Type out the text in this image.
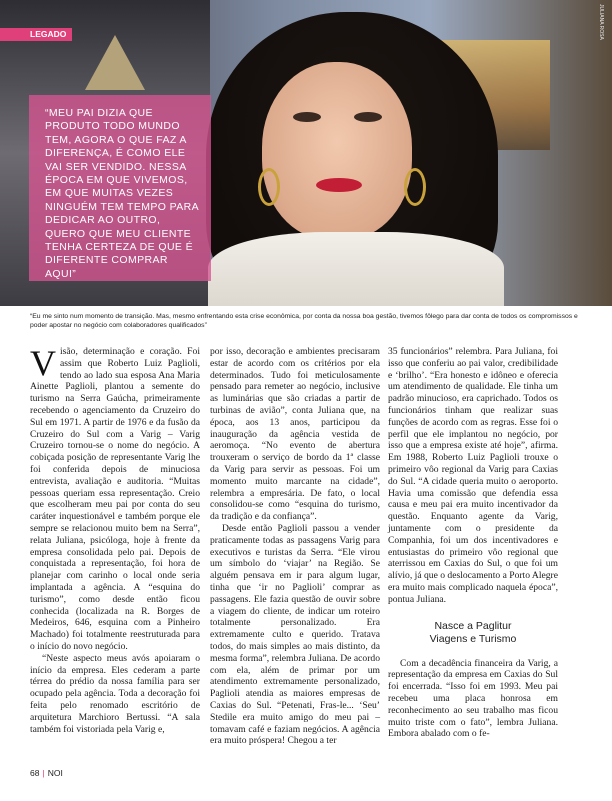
JULIANA ROSA
LEGADO
“MEU PAI DIZIA QUE PRODUTO TODO MUNDO TEM, AGORA O QUE FAZ A DIFERENÇA, É COMO ELE VAI SER VENDIDO. NESSA ÉPOCA EM QUE VIVEMOS, EM QUE MUITAS VEZES NINGUÉM TEM TEMPO PARA DEDICAR AO OUTRO, QUERO QUE MEU CLIENTE TENHA CERTEZA DE QUE É DIFERENTE COMPRAR AQUI”
“Eu me sinto num momento de transição. Mas, mesmo enfrentando esta crise econômica, por conta da nossa boa gestão, tivemos fôlego para dar conta de todos os compromissos e poder apostar no negócio com colaboradores qualificados”

Visão, determinação e coração. Foi assim que Roberto Luiz Paglioli, tendo ao lado sua esposa Ana Maria Ainette Paglioli, plantou a semente do turismo na Serra Gaúcha, primeiramente recebendo o agenciamento da Cruzeiro do Sul em 1971. A partir de 1976 e da fusão da Cruzeiro do Sul com a Varig – Varig Cruzeiro tornou-se o nome do negócio. A cobiçada posição de representante Varig lhe foi conferida depois de minuciosa entrevista, avaliação e auditoria. “Muitas pessoas queriam essa representação. Creio que escolheram meu pai por conta do seu caráter inquestionável e também porque ele sempre se relacionou muito bem na Serra”, relata Juliana, psicóloga, hoje à frente da empresa consolidada pelo pai. Depois de conquistada a representação, foi hora de planejar com carinho o local onde seria implantada a agência. A “esquina do turismo”, como desde então ficou conhecida (localizada na R. Borges de Medeiros, 646, esquina com a Pinheiro Machado) foi totalmente reestruturada para o início do novo negócio.

“Neste aspecto meus avós apoiaram o início da empresa. Eles cederam a parte térrea do prédio da nossa família para ser ocupado pela agência. Toda a decoração foi feita pelo renomado escritório de arquitetura Marchioro Bertussi. “A sala também foi vistoriada pela Varig e,

por isso, decoração e ambientes precisaram estar de acordo com os critérios por ela determinados. Tudo foi meticulosamente pensado para remeter ao negócio, inclusive as luminárias que são criadas a partir de turbinas de avião”, conta Juliana que, na época, aos 13 anos, participou da inauguração da agência vestida de aeromoça. “No evento de abertura trouxeram o serviço de bordo da 1ª classe da Varig para servir as pessoas. Foi um momento muito marcante na cidade”, relembra a empresária. De fato, o local consolidou-se como “esquina do turismo, da tradição e da confiança”.

Desde então Paglioli passou a vender praticamente todas as passagens Varig para executivos e turistas da Serra. “Ele virou um símbolo do ‘viajar’ na Região. Se alguém pensava em ir para algum lugar, tinha que ‘ir no Paglioli’ comprar as passagens. Ele fazia questão de ouvir sobre a viagem do cliente, de indicar um roteiro totalmente personalizado. Era extremamente culto e querido. Tratava todos, do mais simples ao mais distinto, da mesma forma”, relembra Juliana. De acordo com ela, além de primar por um atendimento extremamente personalizado, Paglioli atendia as maiores empresas de Caxias do Sul. “Petenati, Fras-le... ‘Seu’ Stedile era muito amigo do meu pai – tomavam café e faziam negócios. A agência era muito próspera! Chegou a ter

35 funcionários” relembra. Para Juliana, foi isso que conferiu ao pai valor, credibilidade e ‘brilho’. “Era honesto e idôneo e oferecia um atendimento de qualidade. Ele tinha um padrão minucioso, era caprichado. Todos os funcionários tinham que realizar suas funções de acordo com as regras. Esse foi o perfil que ele implantou no negócio, por isso que a empresa existe até hoje”, afirma. Em 1988, Roberto Luiz Paglioli trouxe o primeiro vôo regional da Varig para Caxias do Sul. “A cidade queria muito o aeroporto. Havia uma comissão que defendia essa causa e meu pai era muito incentivador da questão. Enquanto agente da Varig, juntamente com o presidente da Companhia, foi um dos incentivadores e entusiastas do primeiro vôo regional que aterrissou em Caxias do Sul, o que foi um alívio, já que o deslocamento a Porto Alegre era muito mais complicado naquela época”, pontua Juliana.

Nasce a Paglitur
Viagens e Turismo

Com a decadência financeira da Varig, a representação da empresa em Caxias do Sul foi encerrada. “Isso foi em 1993. Meu pai recebeu uma placa honrosa em reconhecimento ao seu trabalho mas ficou muito triste com o fato”, lembra Juliana. Embora abalado com o fe-

68 | NOI
